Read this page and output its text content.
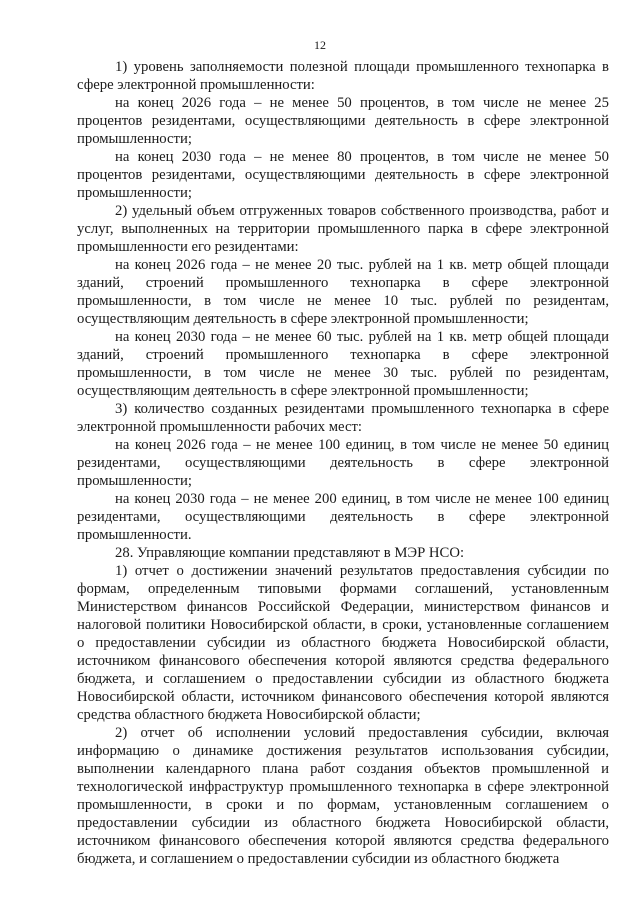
12

1) уровень заполняемости полезной площади промышленного технопарка в сфере электронной промышленности:

на конец 2026 года – не менее 50 процентов, в том числе не менее 25 процентов резидентами, осуществляющими деятельность в сфере электронной промышленности;

на конец 2030 года – не менее 80 процентов, в том числе не менее 50 процентов резидентами, осуществляющими деятельность в сфере электронной промышленности;

2) удельный объем отгруженных товаров собственного производства, работ и услуг, выполненных на территории промышленного парка в сфере электронной промышленности его резидентами:

на конец 2026 года – не менее 20 тыс. рублей на 1 кв. метр общей площади зданий, строений промышленного технопарка в сфере электронной промышленности, в том числе не менее 10 тыс. рублей по резидентам, осуществляющим деятельность в сфере электронной промышленности;

на конец 2030 года – не менее 60 тыс. рублей на 1 кв. метр общей площади зданий, строений промышленного технопарка в сфере электронной промышленности, в том числе не менее 30 тыс. рублей по резидентам, осуществляющим деятельность в сфере электронной промышленности;

3) количество созданных резидентами промышленного технопарка в сфере электронной промышленности рабочих мест:

на конец 2026 года – не менее 100 единиц, в том числе не менее 50 единиц резидентами, осуществляющими деятельность в сфере электронной промышленности;

на конец 2030 года – не менее 200 единиц, в том числе не менее 100 единиц резидентами, осуществляющими деятельность в сфере электронной промышленности.

28. Управляющие компании представляют в МЭР НСО:

1) отчет о достижении значений результатов предоставления субсидии по формам, определенным типовыми формами соглашений, установленным Министерством финансов Российской Федерации, министерством финансов и налоговой политики Новосибирской области, в сроки, установленные соглашением о предоставлении субсидии из областного бюджета Новосибирской области, источником финансового обеспечения которой являются средства федерального бюджета, и соглашением о предоставлении субсидии из областного бюджета Новосибирской области, источником финансового обеспечения которой являются средства областного бюджета Новосибирской области;

2) отчет об исполнении условий предоставления субсидии, включая информацию о динамике достижения результатов использования субсидии, выполнении календарного плана работ создания объектов промышленной и технологической инфраструктур промышленного технопарка в сфере электронной промышленности, в сроки и по формам, установленным соглашением о предоставлении субсидии из областного бюджета Новосибирской области, источником финансового обеспечения которой являются средства федерального бюджета, и соглашением о предоставлении субсидии из областного бюджета
